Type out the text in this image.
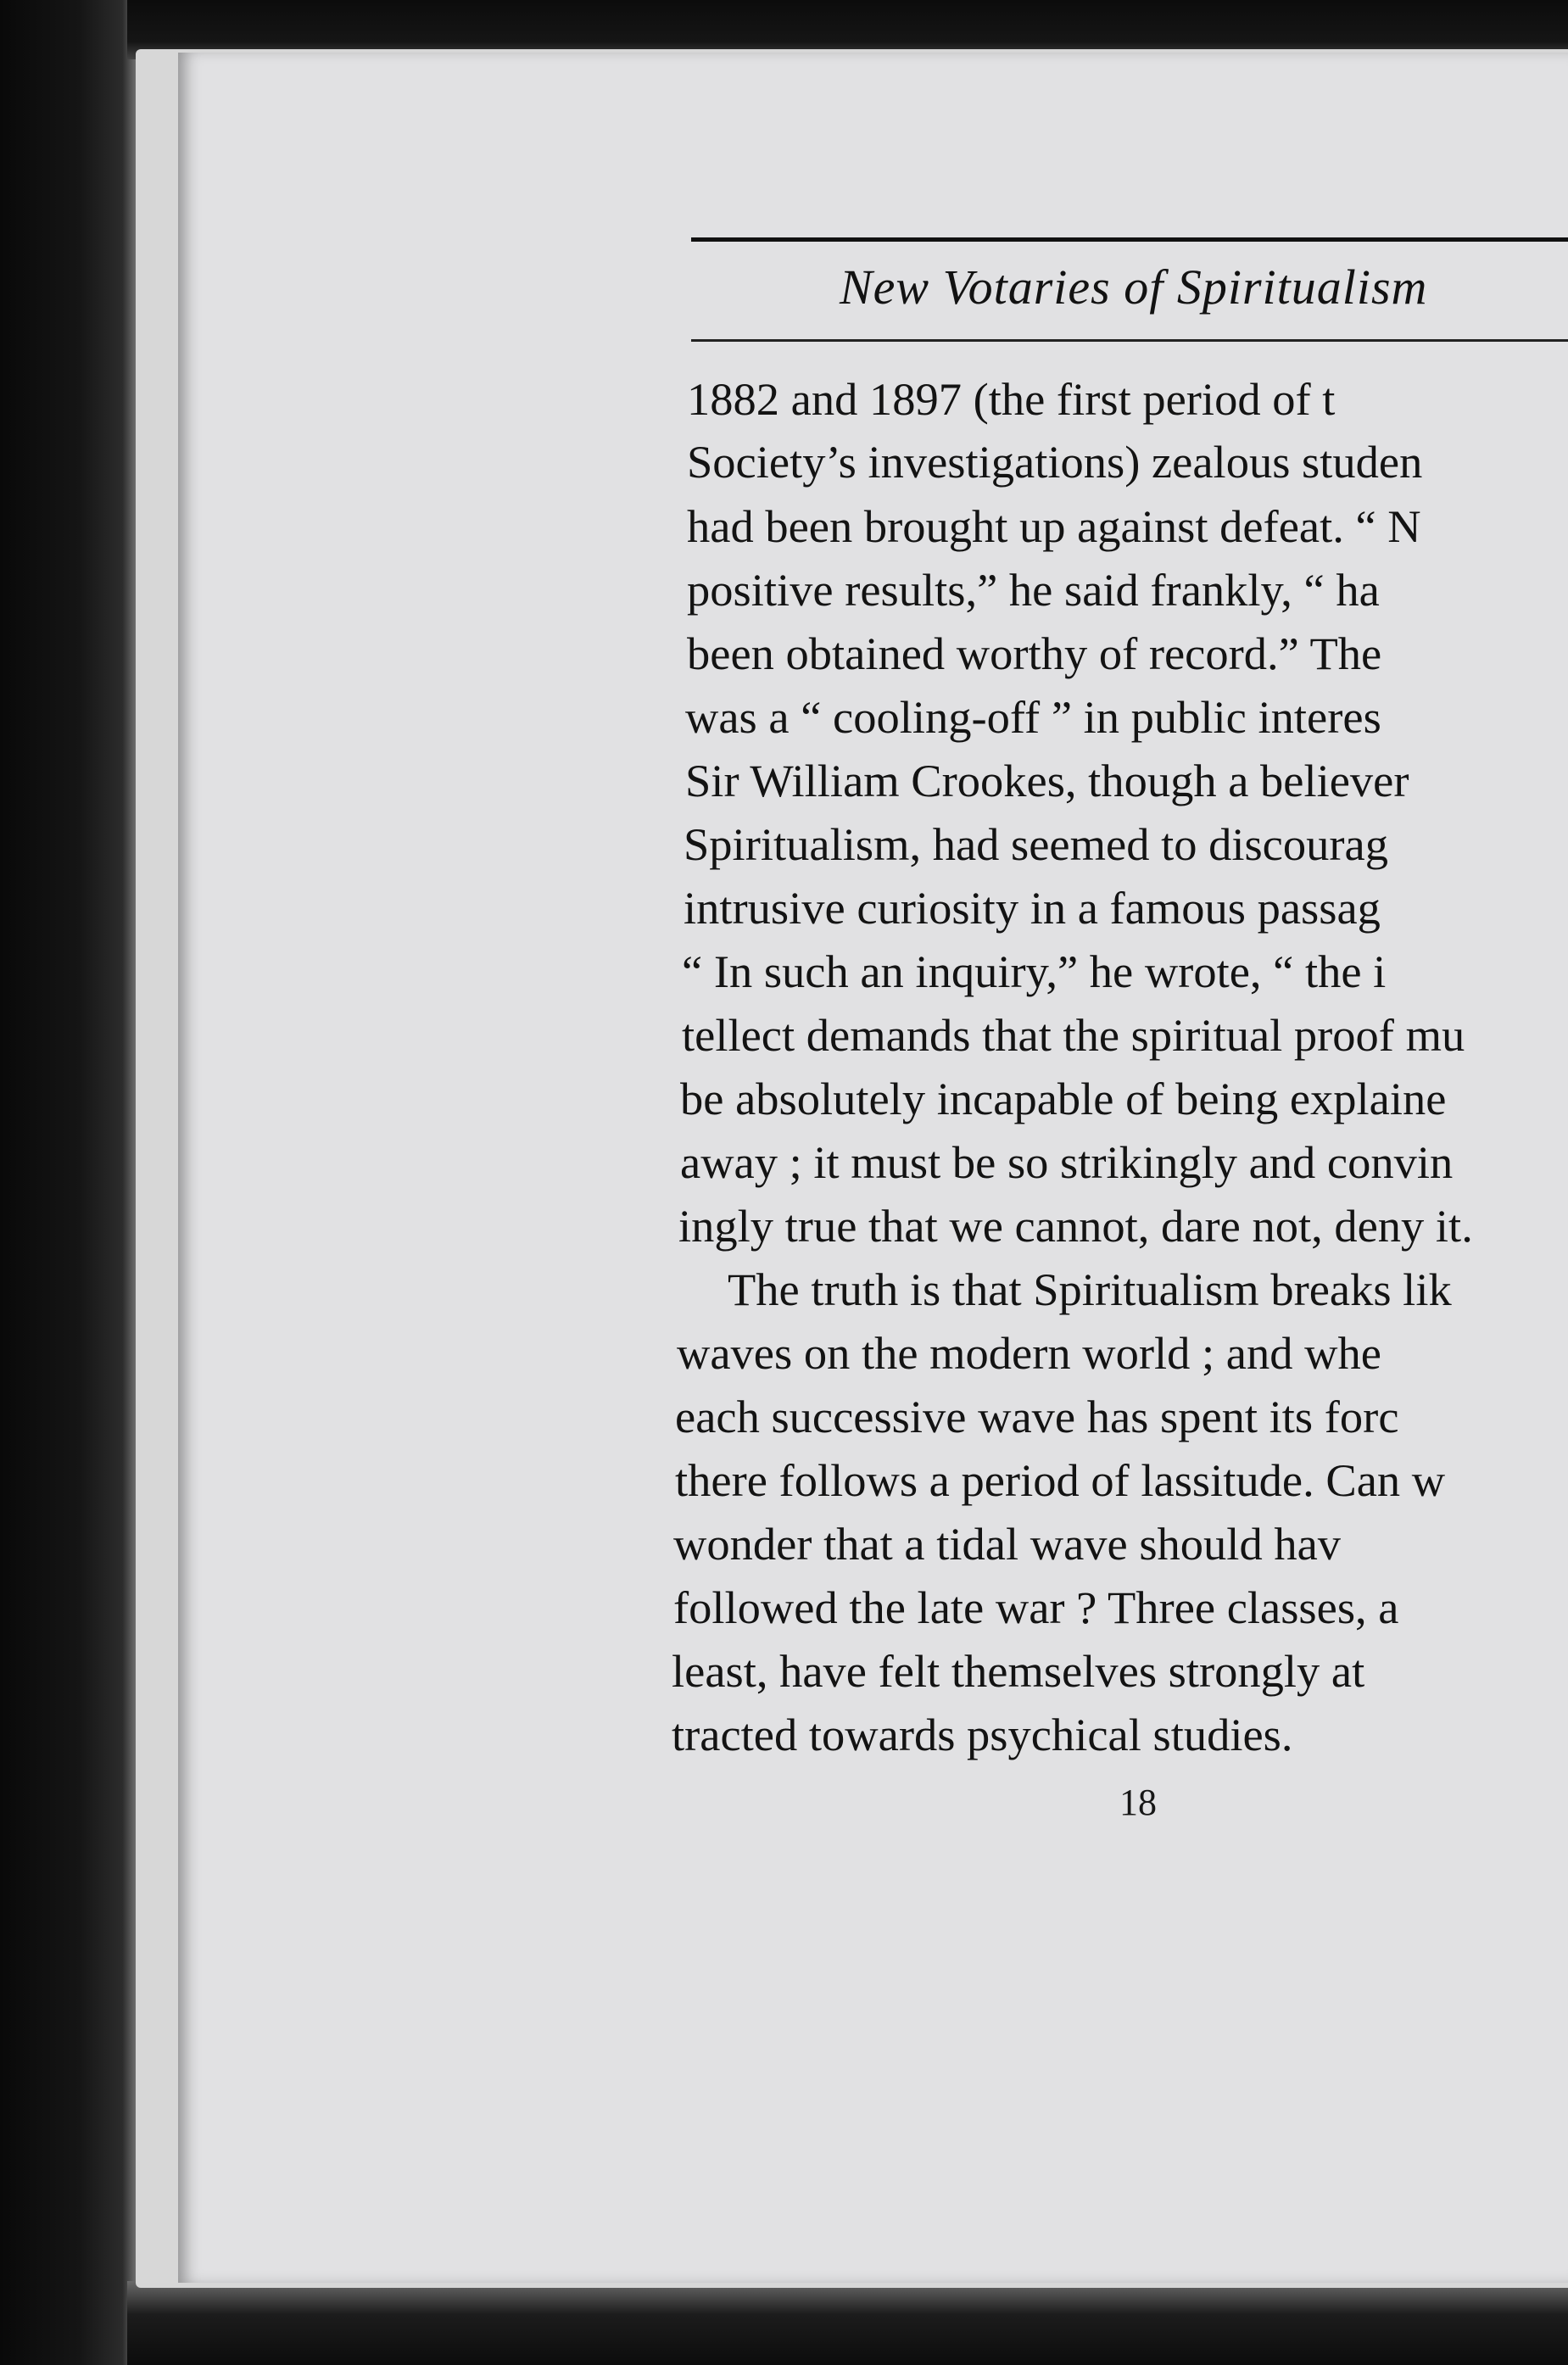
New Votaries of Spiritualism
1882 and 1897 (the first period of t
Society’s investigations) zealous studen
had been brought up against defeat. “ N
positive results,” he said frankly, “ ha
been obtained worthy of record.” The
was a “ cooling-off ” in public interes
Sir William Crookes, though a believer
Spiritualism, had seemed to discourag
intrusive curiosity in a famous passag
“ In such an inquiry,” he wrote, “ the i
tellect demands that the spiritual proof mu
be absolutely incapable of being explaine
away ; it must be so strikingly and convin
ingly true that we cannot, dare not, deny it.
The truth is that Spiritualism breaks lik
waves on the modern world ; and whe
each successive wave has spent its forc
there follows a period of lassitude. Can w
wonder that a tidal wave should hav
followed the late war ? Three classes, a
least, have felt themselves strongly at
tracted towards psychical studies.
18
